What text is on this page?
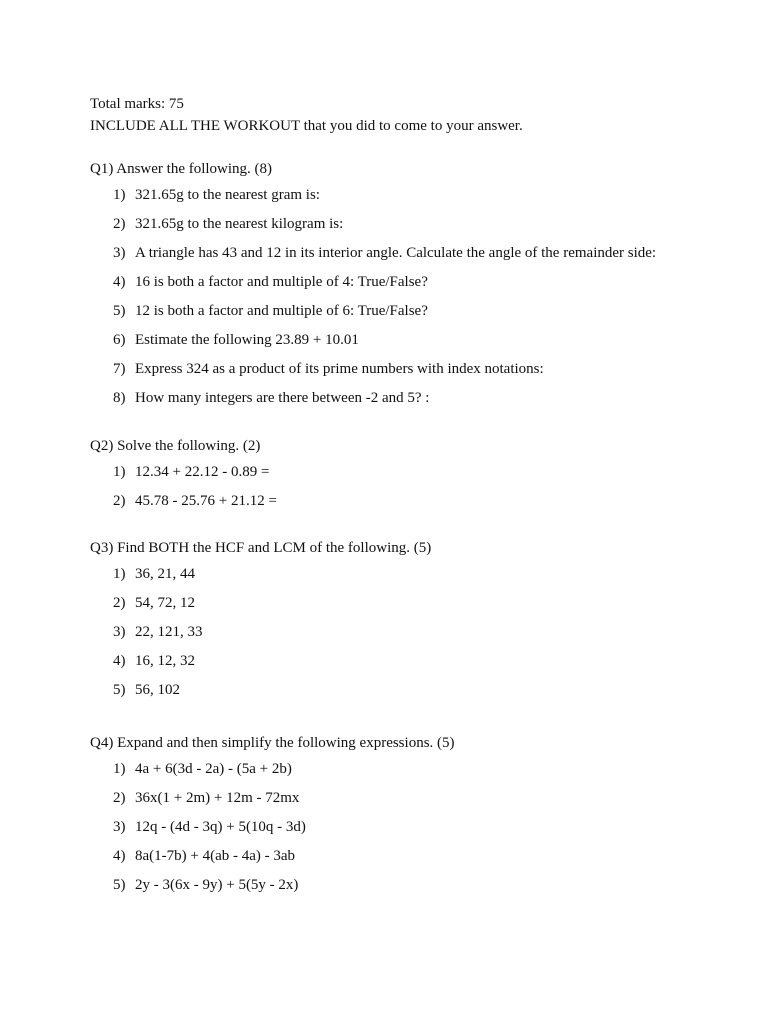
Total marks: 75
INCLUDE ALL THE WORKOUT that you did to come to your answer.
Q1) Answer the following. (8)
1) 321.65g to the nearest gram is:
2) 321.65g to the nearest kilogram is:
3) A triangle has 43 and 12 in its interior angle. Calculate the angle of the remainder side:
4) 16 is both a factor and multiple of 4: True/False?
5) 12 is both a factor and multiple of 6: True/False?
6) Estimate the following 23.89 + 10.01
7) Express 324 as a product of its prime numbers with index notations:
8) How many integers are there between -2 and 5? :
Q2) Solve the following. (2)
1) 12.34 + 22.12 - 0.89 =
2) 45.78 - 25.76 + 21.12 =
Q3) Find BOTH the HCF and LCM of the following. (5)
1) 36, 21, 44
2) 54, 72, 12
3) 22, 121, 33
4) 16, 12, 32
5) 56, 102
Q4) Expand and then simplify the following expressions. (5)
1) 4a + 6(3d - 2a) - (5a + 2b)
2) 36x(1 + 2m) + 12m - 72mx
3) 12q - (4d - 3q) + 5(10q - 3d)
4) 8a(1-7b) + 4(ab - 4a) - 3ab
5) 2y - 3(6x - 9y) + 5(5y - 2x)
